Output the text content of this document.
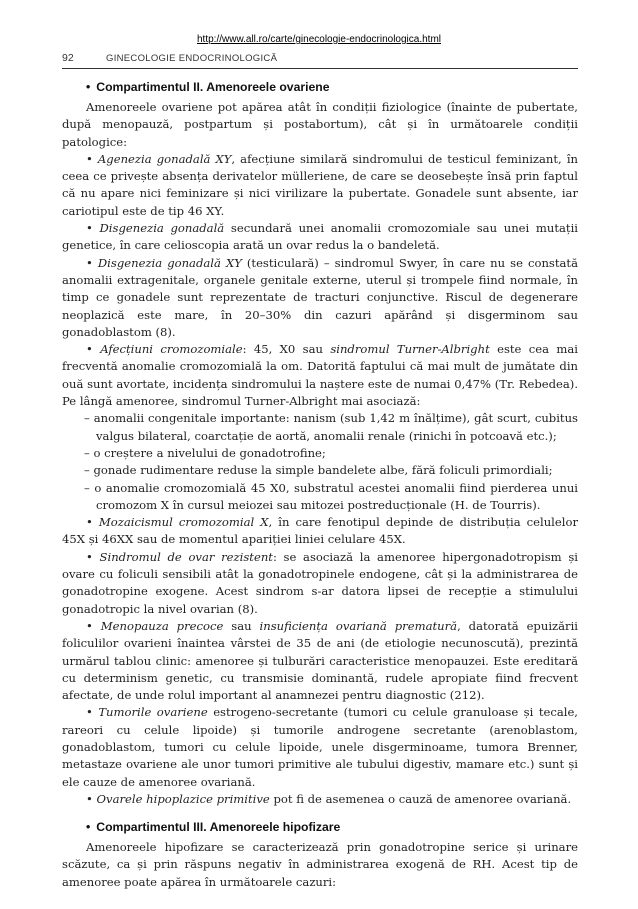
http://www.all.ro/carte/ginecologie-endocrinologica.html
92	GINECOLOGIE ENDOCRINOLOGICĂ
• Compartimentul II. Amenoreele ovariene

Amenoreele ovariene pot apărea atât în condiții fiziologice (înainte de pubertate, după menopauză, postpartum și postabortum), cât și în următoarele condiții patologice:

• Agenezia gonadală XY, afecțiune similară sindromului de testicul feminizant, în ceea ce privește absența derivatelor mülleriene, de care se deosebește însă prin faptul că nu apare nici feminizare și nici virilizare la pubertate. Gonadele sunt absente, iar cariotipul este de tip 46 XY.

• Disgenezia gonadală secundară unei anomalii cromozomiale sau unei mutații genetice, în care celioscopia arată un ovar redus la o bandeletă.

• Disgenezia gonadală XY (testiculară) – sindromul Swyer, în care nu se constată anomalii extragenitale, organele genitale externe, uterul și trompele fiind normale, în timp ce gonadele sunt reprezentate de tracturi conjunctive. Riscul de degenerare neoplazică este mare, în 20–30% din cazuri apărând și disgerminom sau gonadoblastom (8).

• Afecțiuni cromozomiale: 45, X0 sau sindromul Turner-Albright este cea mai frecventă anomalie cromozomială la om. Datorită faptului că mai mult de jumătate din ouă sunt avortate, incidența sindromului la naștere este de numai 0,47% (Tr. Rebedea). Pe lângă amenoree, sindromul Turner-Albright mai asociază:

– anomalii congenitale importante: nanism (sub 1,42 m înălțime), gât scurt, cubitus valgus bilateral, coarctație de aortă, anomalii renale (rinichi în potcoavă etc.);

– o creștere a nivelului de gonadotrofine;

– gonade rudimentare reduse la simple bandelete albe, fără foliculi primordiali;

– o anomalie cromozomială 45 X0, substratul acestei anomalii fiind pierderea unui cromozom X în cursul meiozei sau mitozei postreducționale (H. de Tourris).

• Mozaicismul cromozomial X, în care fenotipul depinde de distribuția celulelor 45X și 46XX sau de momentul apariției liniei celulare 45X.

• Sindromul de ovar rezistent: se asociază la amenoree hipergonadotropism și ovare cu foliculi sensibili atât la gonadotropinele endogene, cât și la administrarea de gonadotropine exogene. Acest sindrom s-ar datora lipsei de recepție a stimulului gonadotropic la nivel ovarian (8).

• Menopauza precoce sau insuficiența ovariană prematură, datorată epuizării foliculilor ovarieni înaintea vârstei de 35 de ani (de etiologie necunoscută), prezintă urmărul tablou clinic: amenoree și tulburări caracteristice menopauzei. Este ereditară cu determinism genetic, cu transmisie dominantă, rudele apropiate fiind frecvent afectate, de unde rolul important al anamnezei pentru diagnostic (212).

• Tumorile ovariene estrogeno-secretante (tumori cu celule granuloase și tecale, rareori cu celule lipoide) și tumorile androgene secretante (arenoblastom, gonadoblastom, tumori cu celule lipoide, unele disgerminoame, tumora Brenner, metastaze ovariene ale unor tumori primitive ale tubului digestiv, mamare etc.) sunt și ele cauze de amenoree ovariană.

• Ovarele hipoplazice primitive pot fi de asemenea o cauză de amenoree ovariană.

• Compartimentul III. Amenoreele hipofizare

Amenoreele hipofizare se caracterizează prin gonadotropine serice și urinare scăzute, ca și prin răspuns negativ în administrarea exogenă de RH. Acest tip de amenoree poate apărea în următoarele cazuri:
